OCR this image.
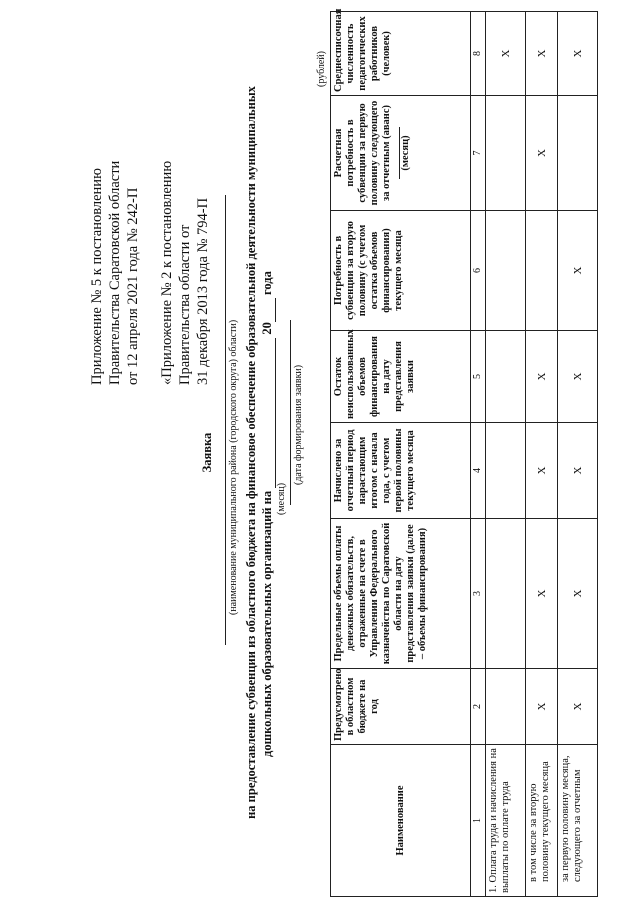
Приложение № 5 к постановлению Правительства Саратовской области от 12 апреля 2021 года № 242-П «Приложение № 2 к постановлению Правительства области от 31 декабря 2013 года № 794-П
Заявка (наименование муниципального района (городского округа) области) на предоставление субвенции из областного бюджета на финансовое обеспечение образовательной деятельности муниципальных дошкольных образовательных организаций на   20  года
(месяц)
(дата формирования заявки)
(рублей)
Наименование	Предусмотрено в областном бюджете на год	Предельные объемы оплаты денежных обязательств, отраженные на счете в Управлении Федерального казначейства по Саратовской области на дату представления заявки (далее – объемы финансирования)	Начислено за отчетный период нарастающим итогом с начала года, с учетом первой половины текущего месяца	Остаток неиспользованных объемов финансирования на дату представления заявки	Потребность в субвенции за вторую половину (с учетом остатка объемов финансирования) текущего месяца	Расчетная потребность в субвенции за первую половину следующего за отчетным (аванс) (месяц)	Среднесписочная численность педагогических работников (человек)
1	2	3	4	5	6	7	8
1. Оплата труда и начисления на выплаты по оплате труда							X
в том числе за вторую половину текущего месяца	X	X	X	X		X	X
за первую половину месяца, следующего за отчетным	X	X	X	X	X		X
